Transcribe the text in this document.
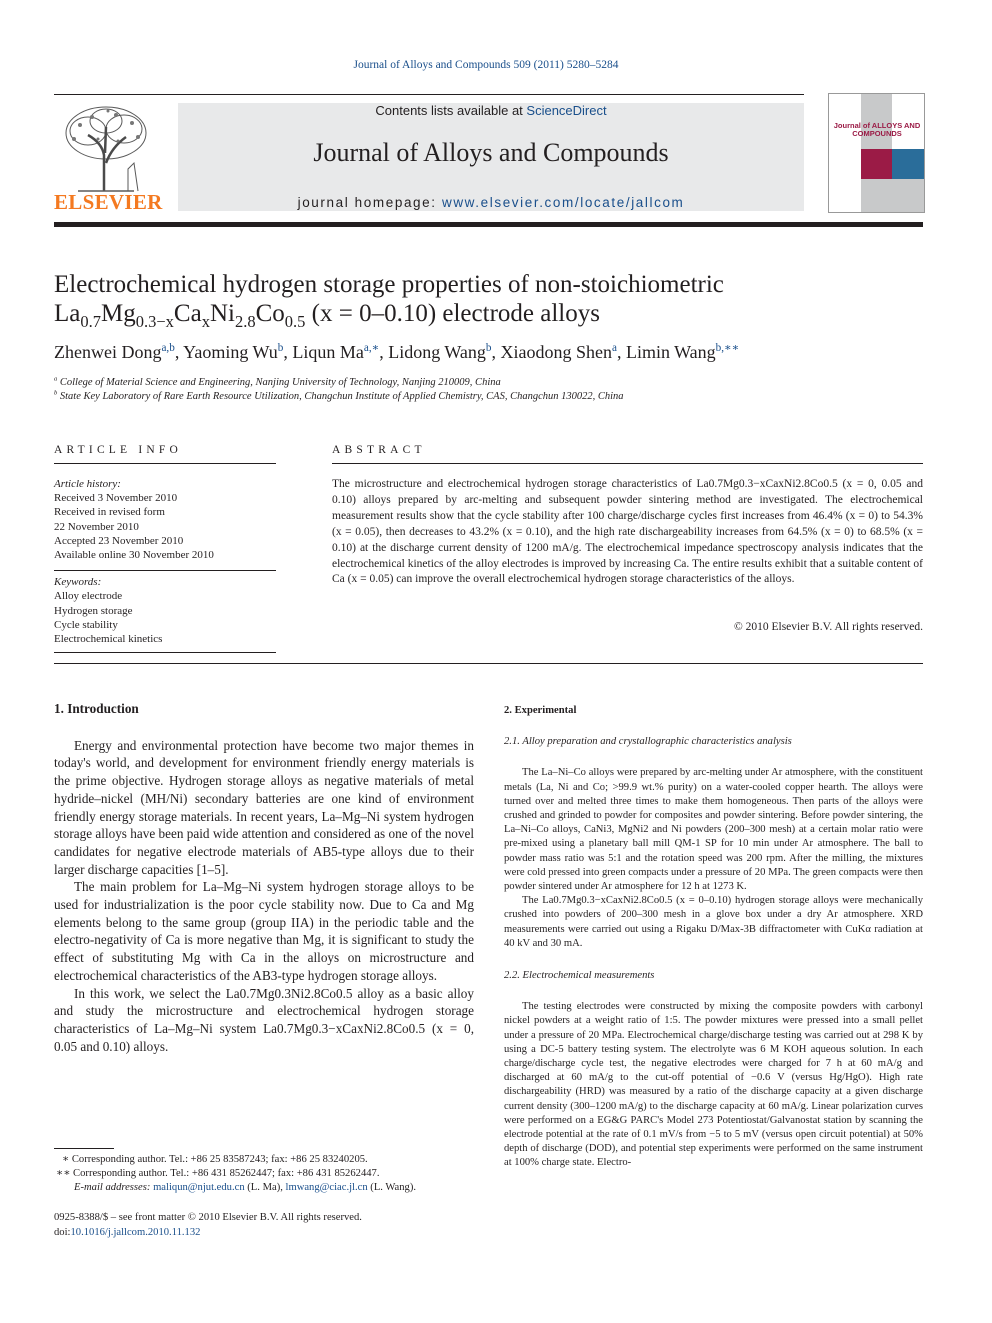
Journal of Alloys and Compounds 509 (2011) 5280–5284
ELSEVIER
Contents lists available at ScienceDirect
Journal of Alloys and Compounds
journal homepage: www.elsevier.com/locate/jallcom
Journal of ALLOYS AND COMPOUNDS
Electrochemical hydrogen storage properties of non-stoichiometric
$La_{0.7}Mg_{0.3-x}Ca_xNi_{2.8}Co_{0.5}$ (x = 0–0.10) electrode alloys
Zhenwei Dong$^{a,b}$, Yaoming Wu$^b$, Liqun $Ma^{a,∗}$, Lidong Wang$^b$, Xiaodong Shen$^a$, Limin Wang$^{b,∗∗}$
$^a$ College of Material Science and Engineering, Nanjing University of Technology, Nanjing 210009, China
$^b$ State Key Laboratory of Rare Earth Resource Utilization, Changchun Institute of Applied Chemistry, CAS, Changchun 130022, China
ARTICLE INFO	ABSTRACT
Article history:
Received 3 November 2010
Received in revised form
22 November 2010
Accepted 23 November 2010
Available online 30 November 2010
Keywords:
Alloy electrode
Hydrogen storage
Cycle stability
Electrochemical kinetics
The microstructure and electrochemical hydrogen storage characteristics of La0.7Mg0.3−xCaxNi2.8Co0.5 (x = 0, 0.05 and 0.10) alloys prepared by arc-melting and subsequent powder sintering method are investigated. The electrochemical measurement results show that the cycle stability after 100 charge/discharge cycles first increases from 46.4% (x = 0) to 54.3% (x = 0.05), then decreases to 43.2% (x = 0.10), and the high rate dischargeability increases from 64.5% (x = 0) to 68.5% (x = 0.10) at the discharge current density of 1200 mA/g. The electrochemical impedance spectroscopy analysis indicates that the electrochemical kinetics of the alloy electrodes is improved by increasing Ca. The entire results exhibit that a suitable content of Ca (x = 0.05) can improve the overall electrochemical hydrogen storage characteristics of the alloys.
© 2010 Elsevier B.V. All rights reserved.
1. Introduction

Energy and environmental protection have become two major themes in today's world, and development for environment friendly energy materials is the prime objective. Hydrogen storage alloys as negative materials of metal hydride–nickel (MH/Ni) secondary batteries are one kind of environment friendly energy storage materials. In recent years, La–Mg–Ni system hydrogen storage alloys have been paid wide attention and considered as one of the novel candidates for negative electrode materials of AB5-type alloys due to their larger discharge capacities [1–5].

The main problem for La–Mg–Ni system hydrogen storage alloys to be used for industrialization is the poor cycle stability now. Due to Ca and Mg elements belong to the same group (group IIA) in the periodic table and the electro-negativity of Ca is more negative than Mg, it is significant to study the effect of substituting Mg with Ca in the alloys on microstructure and electrochemical characteristics of the AB3-type hydrogen storage alloys.

In this work, we select the La0.7Mg0.3Ni2.8Co0.5 alloy as a basic alloy and study the microstructure and electrochemical hydrogen storage characteristics of La–Mg–Ni system La0.7Mg0.3−xCaxNi2.8Co0.5 (x = 0, 0.05 and 0.10) alloys.

2. Experimental
2.1. Alloy preparation and crystallographic characteristics analysis

The La–Ni–Co alloys were prepared by arc-melting under Ar atmosphere, with the constituent metals (La, Ni and Co; >99.9 wt.% purity) on a water-cooled copper hearth. The alloys were turned over and melted three times to make them homogeneous. Then parts of the alloys were crushed and grinded to powder for composites and powder sintering. Before powder sintering, the La–Ni–Co alloys, CaNi3, MgNi2 and Ni powders (200–300 mesh) at a certain molar ratio were pre-mixed using a planetary ball mill QM-1 SP for 10 min under Ar atmosphere. The ball to powder mass ratio was 5:1 and the rotation speed was 200 rpm. After the milling, the mixtures were cold pressed into green compacts under a pressure of 20 MPa. The green compacts were then powder sintered under Ar atmosphere for 12 h at 1273 K.

The La0.7Mg0.3−xCaxNi2.8Co0.5 (x = 0–0.10) hydrogen storage alloys were mechanically crushed into powders of 200–300 mesh in a glove box under a dry Ar atmosphere. XRD measurements were carried out using a Rigaku D/Max-3B diffractometer with CuKα radiation at 40 kV and 30 mA.

2.2. Electrochemical measurements

The testing electrodes were constructed by mixing the composite powders with carbonyl nickel powders at a weight ratio of 1:5. The powder mixtures were pressed into a small pellet under a pressure of 20 MPa. Electrochemical charge/discharge testing was carried out at 298 K by using a DC-5 battery testing system. The electrolyte was 6 M KOH aqueous solution. In each charge/discharge cycle test, the negative electrodes were charged for 7 h at 60 mA/g and discharged at 60 mA/g to the cut-off potential of −0.6 V (versus Hg/HgO). High rate dischargeability (HRD) was measured by a ratio of the discharge capacity at a given discharge current density (300–1200 mA/g) to the discharge capacity at 60 mA/g. Linear polarization curves were performed on a EG&G PARC's Model 273 Potentiostat/Galvanostat station by scanning the electrode potential at the rate of 0.1 mV/s from −5 to 5 mV (versus open circuit potential) at 50% depth of discharge (DOD), and potential step experiments were performed on the same instrument at 100% charge state. Electro-

∗ Corresponding author. Tel.: +86 25 83587243; fax: +86 25 83240205.
∗∗ Corresponding author. Tel.: +86 431 85262447; fax: +86 431 85262447.
E-mail addresses: maliqun@njut.edu.cn (L. Ma), lmwang@ciac.jl.cn (L. Wang).
0925-8388/$ – see front matter © 2010 Elsevier B.V. All rights reserved.
doi:10.1016/j.jallcom.2010.11.132
